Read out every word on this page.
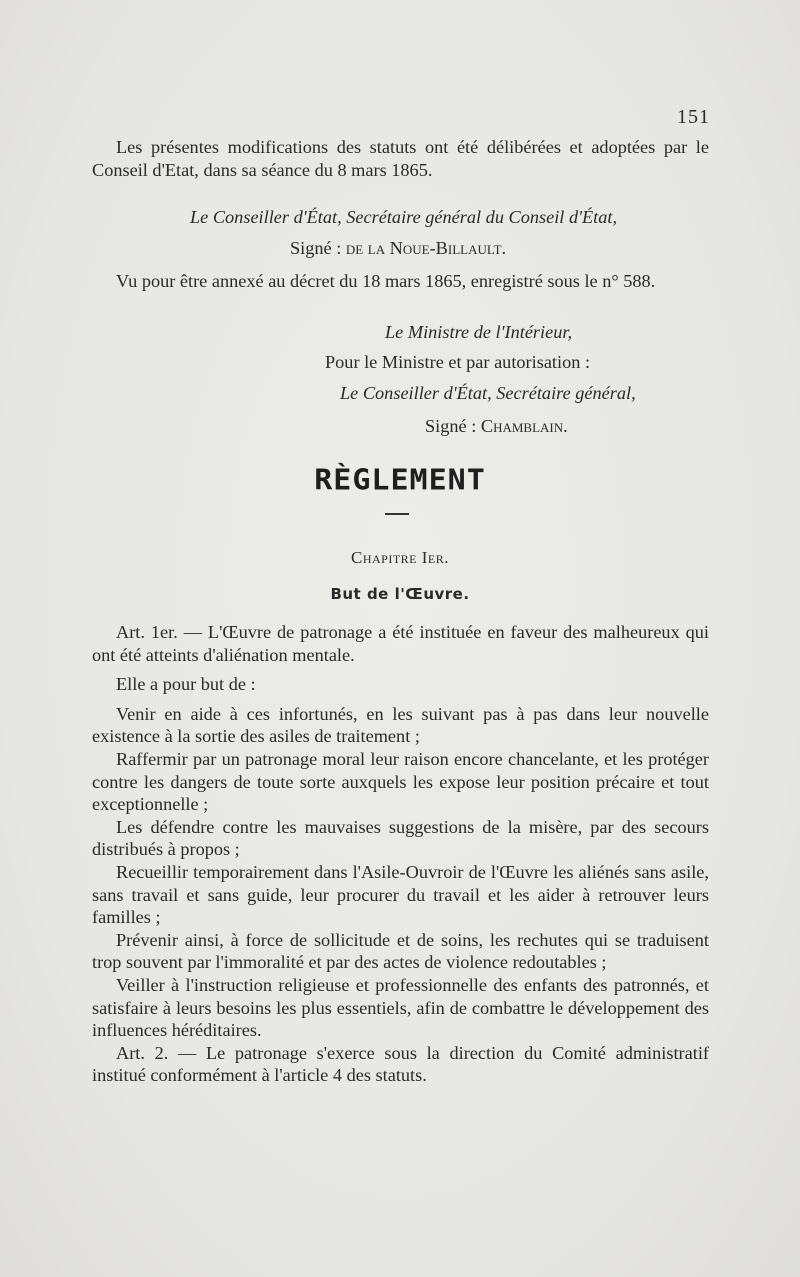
151
Les présentes modifications des statuts ont été délibérées et adoptées par le Conseil d'Etat, dans sa séance du 8 mars 1865.
Le Conseiller d'État, Secrétaire général du Conseil d'État,
Signé : de la Noue-Billault.
Vu pour être annexé au décret du 18 mars 1865, enregistré sous le n° 588.
Le Ministre de l'Intérieur,
Pour le Ministre et par autorisation :
Le Conseiller d'État, Secrétaire général,
Signé : Chamblain.
RÈGLEMENT
Chapitre Ier.
But de l'Œuvre.

Art. 1er. — L'Œuvre de patronage a été instituée en faveur des malheureux qui ont été atteints d'aliénation mentale.

Elle a pour but de :

Venir en aide à ces infortunés, en les suivant pas à pas dans leur nouvelle existence à la sortie des asiles de traitement ;

Raffermir par un patronage moral leur raison encore chancelante, et les protéger contre les dangers de toute sorte auxquels les expose leur position précaire et tout exceptionnelle ;

Les défendre contre les mauvaises suggestions de la misère, par des secours distribués à propos ;

Recueillir temporairement dans l'Asile-Ouvroir de l'Œuvre les aliénés sans asile, sans travail et sans guide, leur procurer du travail et les aider à retrouver leurs familles ;

Prévenir ainsi, à force de sollicitude et de soins, les rechutes qui se traduisent trop souvent par l'immoralité et par des actes de violence redoutables ;

Veiller à l'instruction religieuse et professionnelle des enfants des patronnés, et satisfaire à leurs besoins les plus essentiels, afin de combattre le développement des influences héréditaires.

Art. 2. — Le patronage s'exerce sous la direction du Comité administratif institué conformément à l'article 4 des statuts.
